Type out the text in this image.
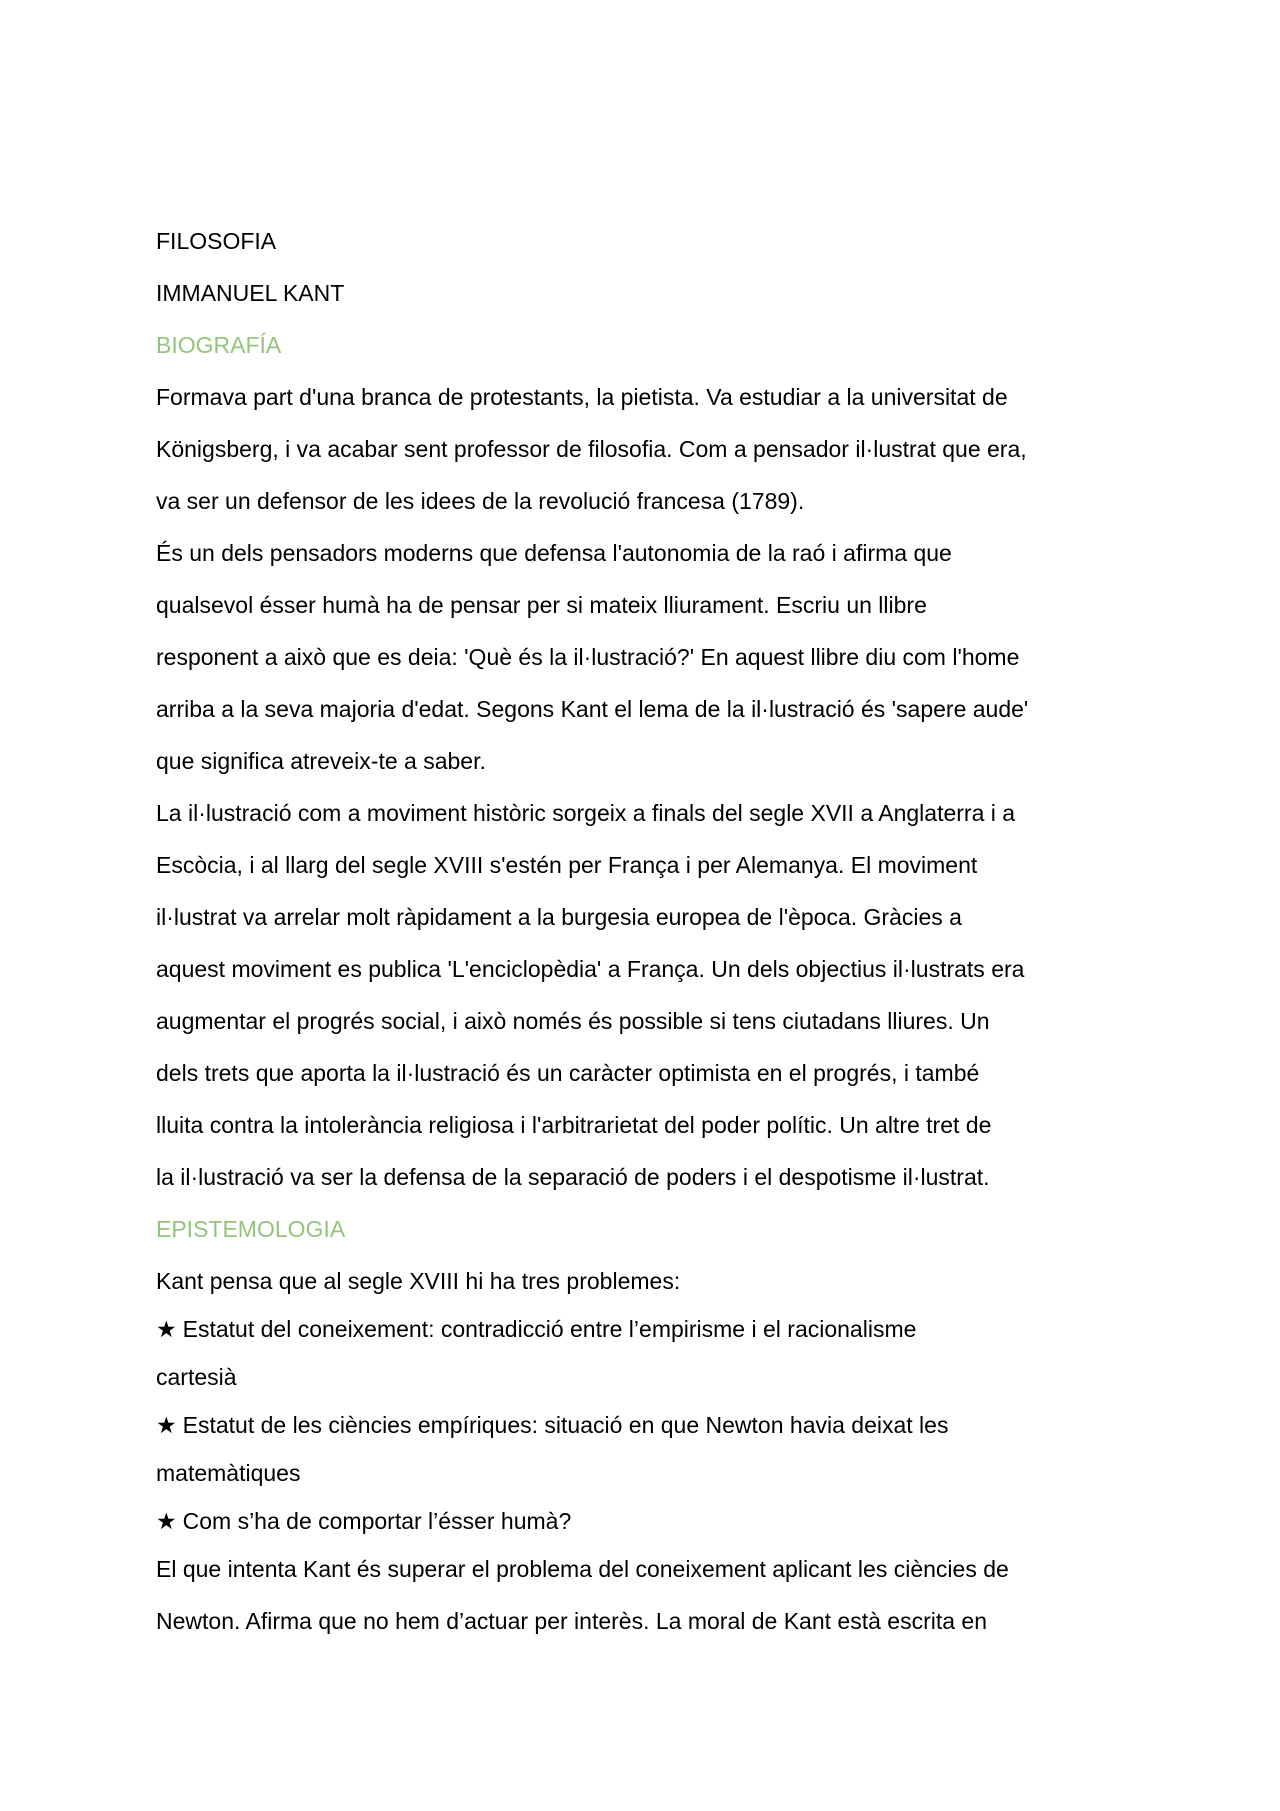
FILOSOFIA
IMMANUEL KANT
BIOGRAFÍA
Formava part d'una branca de protestants, la pietista. Va estudiar a la universitat de
Königsberg, i va acabar sent professor de filosofia. Com a pensador il·lustrat que era,
va ser un defensor de les idees de la revolució francesa (1789).
És un dels pensadors moderns que defensa l'autonomia de la raó i afirma que
qualsevol ésser humà ha de pensar per si mateix lliurament. Escriu un llibre
responent a això que es deia: 'Què és la il·lustració?' En aquest llibre diu com l'home
arriba a la seva majoria d'edat. Segons Kant el lema de la il·lustració és 'sapere aude'
que significa atreveix-te a saber.
La il·lustració com a moviment històric sorgeix a finals del segle XVII a Anglaterra i a
Escòcia, i al llarg del segle XVIII s'estén per França i per Alemanya. El moviment
il·lustrat va arrelar molt ràpidament a la burgesia europea de l'època. Gràcies a
aquest moviment es publica 'L'enciclopèdia' a França. Un dels objectius il·lustrats era
augmentar el progrés social, i això només és possible si tens ciutadans lliures. Un
dels trets que aporta la il·lustració és un caràcter optimista en el progrés, i també
lluita contra la intolerància religiosa i l'arbitrarietat del poder polític. Un altre tret de
la il·lustració va ser la defensa de la separació de poders i el despotisme il·lustrat.
EPISTEMOLOGIA
Kant pensa que al segle XVIII hi ha tres problemes:
★ Estatut del coneixement: contradicció entre l’empirisme i el racionalisme
cartesià
★ Estatut de les ciències empíriques: situació en que Newton havia deixat les
matemàtiques
★ Com s’ha de comportar l’ésser humà?
El que intenta Kant és superar el problema del coneixement aplicant les ciències de
Newton. Afirma que no hem d’actuar per interès. La moral de Kant està escrita en
